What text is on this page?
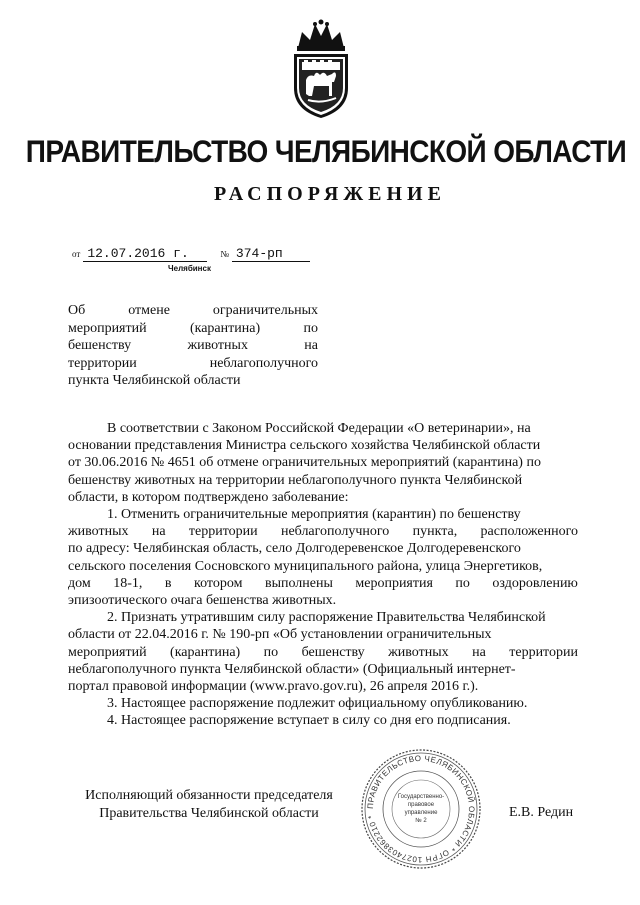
ПРАВИТЕЛЬСТВО ЧЕЛЯБИНСКОЙ ОБЛАСТИ
РАСПОРЯЖЕНИЕ
от 12.07.2016 г.	№ 374-рп
Челябинск
Об	отмене	ограничительных
мероприятий	(карантина)	по
бешенству	животных	на
территории	неблагополучного
пункта Челябинской области
В соответствии с Законом Российской Федерации «О ветеринарии», на
основании представления Министра сельского хозяйства Челябинской области
от 30.06.2016 № 4651 об отмене ограничительных мероприятий (карантина) по
бешенству животных на территории неблагополучного пункта Челябинской
области, в котором подтверждено заболевание:
1. Отменить ограничительные мероприятия (карантин) по бешенству
животных на территории неблагополучного пункта, расположенного
по адресу: Челябинская область, село Долгодеревенское Долгодеревенского
сельского поселения Сосновского муниципального района, улица Энергетиков,
дом 18-1, в котором выполнены мероприятия по оздоровлению
эпизоотического очага бешенства животных.
2. Признать утратившим силу распоряжение Правительства Челябинской
области от 22.04.2016 г. № 190-рп «Об установлении ограничительных
мероприятий (карантина) по бешенству животных на территории
неблагополучного пункта Челябинской области» (Официальный интернет-
портал правовой информации (www.pravo.gov.ru), 26 апреля 2016 г.).
3. Настоящее распоряжение подлежит официальному опубликованию.
4. Настоящее распоряжение вступает в силу со дня его подписания.
Исполняющий обязанности председателя
Правительства Челябинской области	Е.В. Редин
ПРАВИТЕЛЬСТВО ЧЕЛЯБИНСКОЙ ОБЛАСТИ * ОГРН 1027403862210 *
Государственно-
правовое
управление
№ 2
